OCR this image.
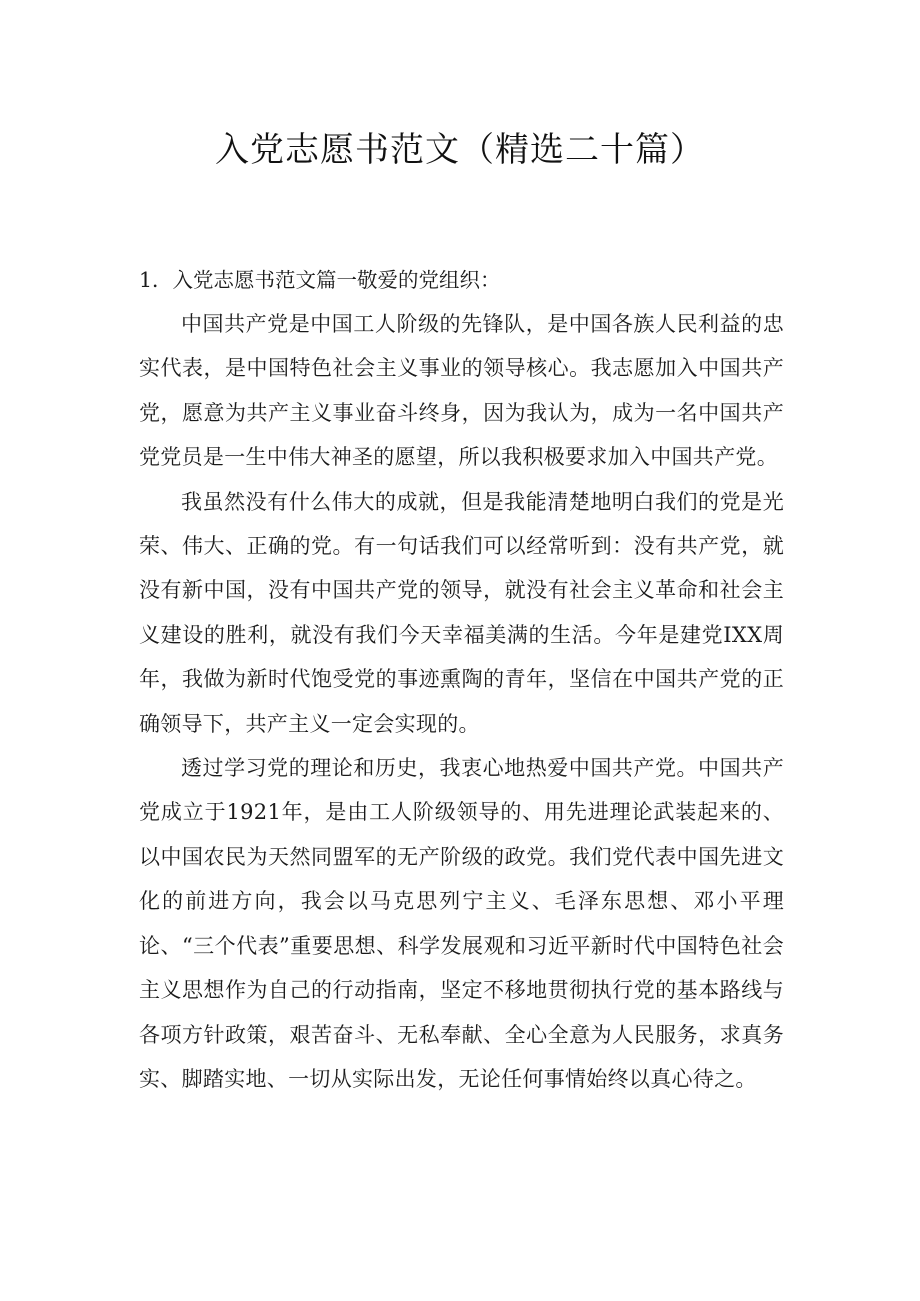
入党志愿书范文（精选二十篇）

1．入党志愿书范文篇一敬爱的党组织：

中国共产党是中国工人阶级的先锋队，是中国各族人民利益的忠实代表，是中国特色社会主义事业的领导核心。我志愿加入中国共产党，愿意为共产主义事业奋斗终身，因为我认为，成为一名中国共产党党员是一生中伟大神圣的愿望，所以我积极要求加入中国共产党。

我虽然没有什么伟大的成就，但是我能清楚地明白我们的党是光荣、伟大、正确的党。有一句话我们可以经常听到：没有共产党，就没有新中国，没有中国共产党的领导，就没有社会主义革命和社会主义建设的胜利，就没有我们今天幸福美满的生活。今年是建党IXX周年，我做为新时代饱受党的事迹熏陶的青年，坚信在中国共产党的正确领导下，共产主义一定会实现的。

透过学习党的理论和历史，我衷心地热爱中国共产党。中国共产党成立于1921年，是由工人阶级领导的、用先进理论武装起来的、以中国农民为天然同盟军的无产阶级的政党。我们党代表中国先进文化的前进方向，我会以马克思列宁主义、毛泽东思想、邓小平理论、“三个代表”重要思想、科学发展观和习近平新时代中国特色社会主义思想作为自己的行动指南，坚定不移地贯彻执行党的基本路线与各项方针政策，艰苦奋斗、无私奉献、全心全意为人民服务，求真务实、脚踏实地、一切从实际出发，无论任何事情始终以真心待之。
